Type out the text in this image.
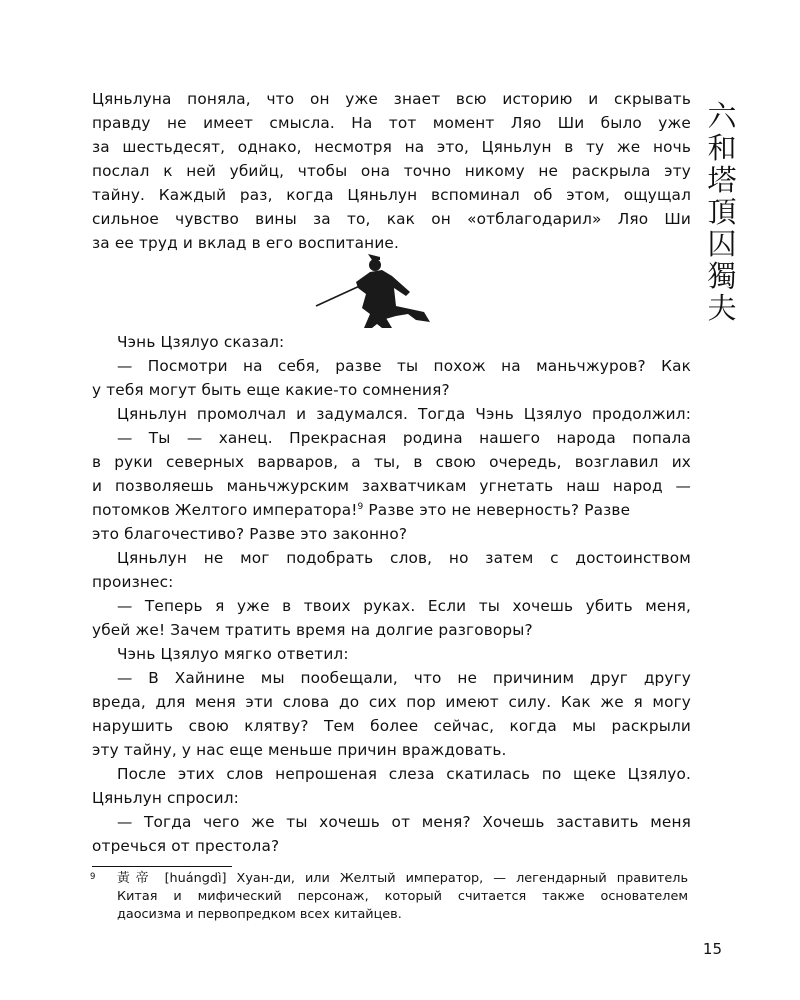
六
和
塔
頂
囚
獨
夫

Цяньлуна поняла, что он уже знает всю историю и скрывать

правду не имеет смысла. На тот момент Ляо Ши было уже

за шестьдесят, однако, несмотря на это, Цяньлун в ту же ночь

послал к ней убийц, чтобы она точно никому не раскрыла эту

тайну. Каждый раз, когда Цяньлун вспоминал об этом, ощущал

сильное чувство вины за то, как он «отблагодарил» Ляо Ши

за ее труд и вклад в его воспитание.

Чэнь Цзялуо сказал:

— Посмотри на себя, разве ты похож на маньчжуров? Как

у тебя могут быть еще какие-то сомнения?

Цяньлун промолчал и задумался. Тогда Чэнь Цзялуо продолжил:

— Ты — ханец. Прекрасная родина нашего народа попала

в руки северных варваров, а ты, в свою очередь, возглавил их

и позволяешь маньчжурским захватчикам угнетать наш народ —

потомков Желтого императора!$^9$ Разве это не неверность? Разве

это благочестиво? Разве это законно?

Цяньлун не мог подобрать слов, но затем с достоинством

произнес:

— Теперь я уже в твоих руках. Если ты хочешь убить меня,

убей же! Зачем тратить время на долгие разговоры?

Чэнь Цзялуо мягко ответил:

— В Хайнине мы пообещали, что не причиним друг другу

вреда, для меня эти слова до сих пор имеют силу. Как же я могу

нарушить свою клятву? Тем более сейчас, когда мы раскрыли

эту тайну, у нас еще меньше причин враждовать.

После этих слов непрошеная слеза скатилась по щеке Цзялуо.

Цяньлун спросил:

— Тогда чего же ты хочешь от меня? Хочешь заставить меня

отречься от престола?

9 黃帝 [huángdì] Хуан-ди, или Желтый император, — легендарный правитель

Китая и мифический персонаж, который считается также основателем

даосизма и первопредком всех китайцев.

15
